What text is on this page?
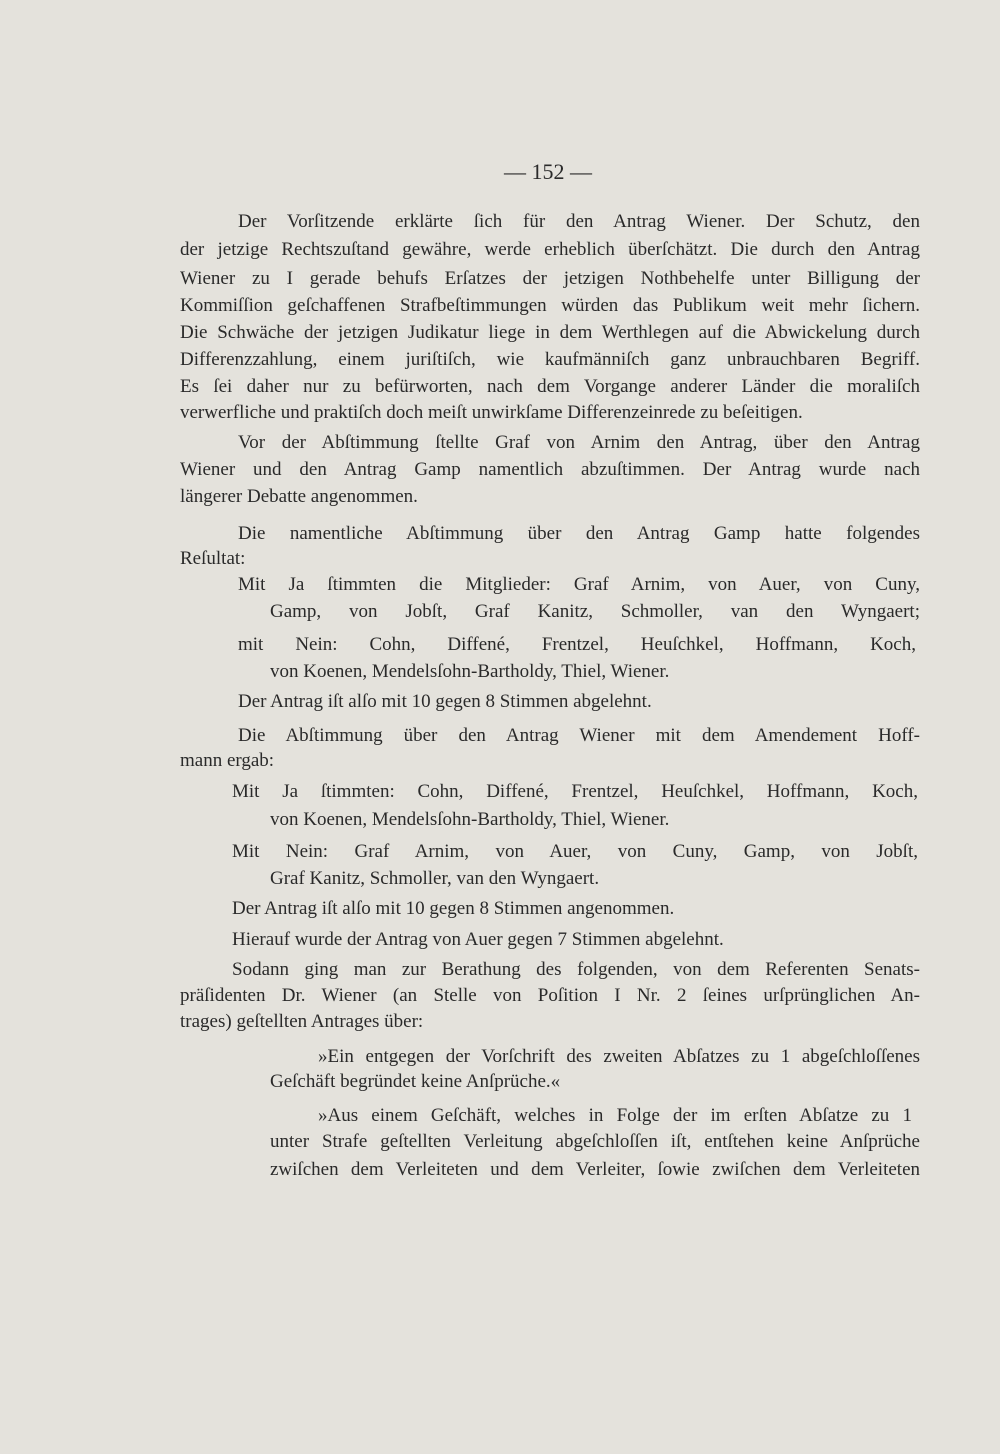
— 152 —
Der Vorſitzende erklärte ſich für den Antrag Wiener. Der Schutz, den
der jetzige Rechtszuſtand gewähre, werde erheblich überſchätzt. Die durch den Antrag
Wiener zu I gerade behufs Erſatzes der jetzigen Nothbehelfe unter Billigung der
Kommiſſion geſchaffenen Strafbeſtimmungen würden das Publikum weit mehr ſichern.
Die Schwäche der jetzigen Judikatur liege in dem Werthlegen auf die Abwickelung durch
Differenzzahlung, einem juriſtiſch, wie kaufmänniſch ganz unbrauchbaren Begriff.
Es ſei daher nur zu befürworten, nach dem Vorgange anderer Länder die moraliſch
verwerfliche und praktiſch doch meiſt unwirkſame Differenzeinrede zu beſeitigen.
Vor der Abſtimmung ſtellte Graf von Arnim den Antrag, über den Antrag
Wiener und den Antrag Gamp namentlich abzuſtimmen. Der Antrag wurde nach
längerer Debatte angenommen.
Die namentliche Abſtimmung über den Antrag Gamp hatte folgendes
Reſultat:
Mit Ja ſtimmten die Mitglieder: Graf Arnim, von Auer, von Cuny,
Gamp, von Jobſt, Graf Kanitz, Schmoller, van den Wyngaert;
mit Nein: Cohn, Diffené, Frentzel, Heuſchkel, Hoffmann, Koch,
von Koenen, Mendelsſohn-Bartholdy, Thiel, Wiener.
Der Antrag iſt alſo mit 10 gegen 8 Stimmen abgelehnt.
Die Abſtimmung über den Antrag Wiener mit dem Amendement Hoff-
mann ergab:
Mit Ja ſtimmten: Cohn, Diffené, Frentzel, Heuſchkel, Hoffmann, Koch,
von Koenen, Mendelsſohn-Bartholdy, Thiel, Wiener.
Mit Nein: Graf Arnim, von Auer, von Cuny, Gamp, von Jobſt,
Graf Kanitz, Schmoller, van den Wyngaert.
Der Antrag iſt alſo mit 10 gegen 8 Stimmen angenommen.
Hierauf wurde der Antrag von Auer gegen 7 Stimmen abgelehnt.
Sodann ging man zur Berathung des folgenden, von dem Referenten Senats-
präſidenten Dr. Wiener (an Stelle von Poſition I Nr. 2 ſeines urſprünglichen An-
trages) geſtellten Antrages über:
»Ein entgegen der Vorſchrift des zweiten Abſatzes zu 1 abgeſchloſſenes
Geſchäft begründet keine Anſprüche.«
»Aus einem Geſchäft, welches in Folge der im erſten Abſatze zu 1
unter Strafe geſtellten Verleitung abgeſchloſſen iſt, entſtehen keine Anſprüche
zwiſchen dem Verleiteten und dem Verleiter, ſowie zwiſchen dem Verleiteten
